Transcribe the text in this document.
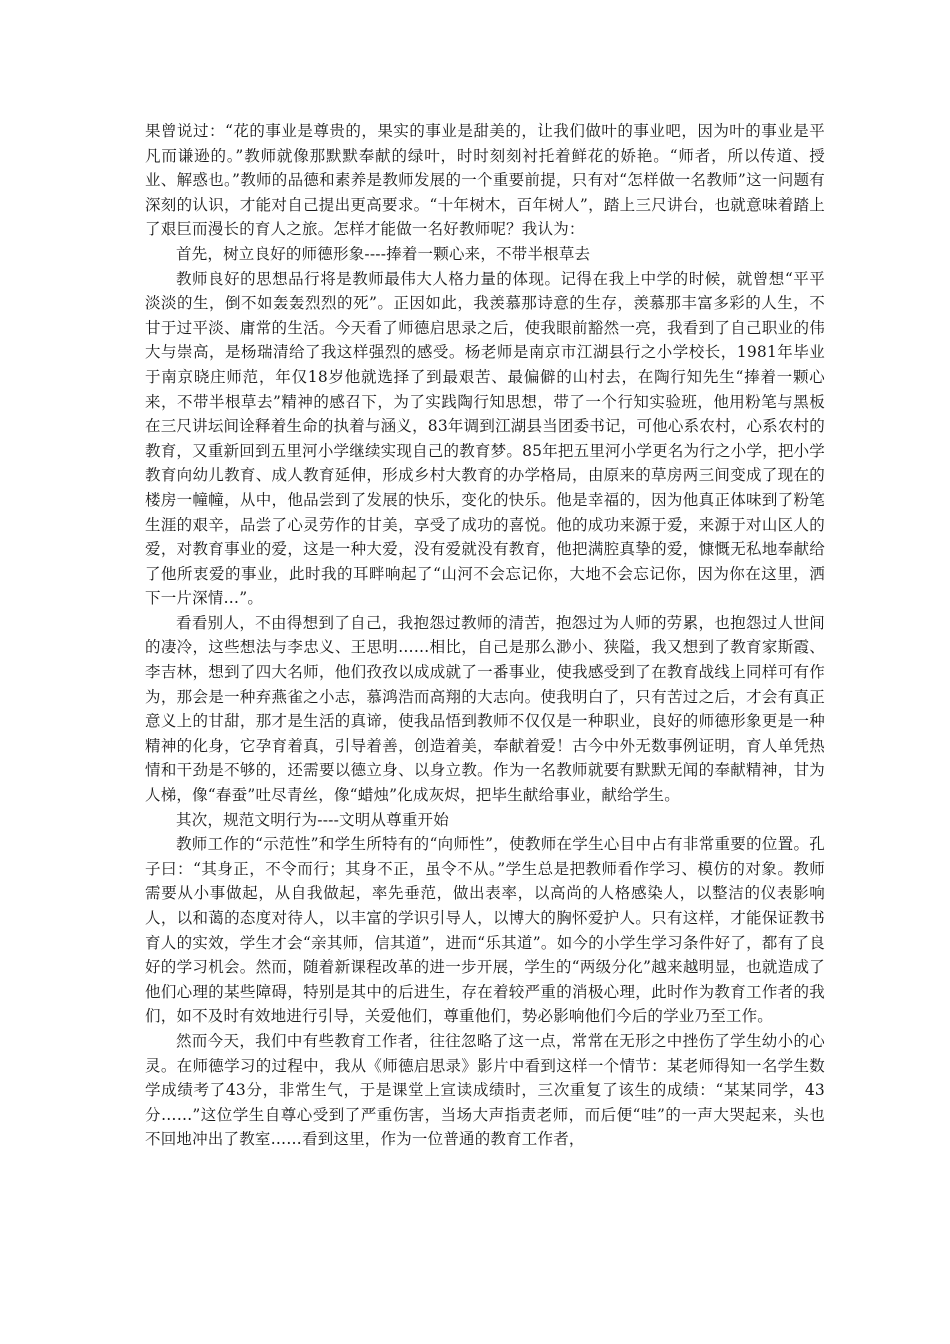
果曾说过：“花的事业是尊贵的，果实的事业是甜美的，让我们做叶的事业吧，因为叶的事业是平凡而谦逊的。”教师就像那默默奉献的绿叶，时时刻刻衬托着鲜花的娇艳。“师者，所以传道、授业、解惑也。”教师的品德和素养是教师发展的一个重要前提，只有对“怎样做一名教师”这一问题有深刻的认识，才能对自己提出更高要求。“十年树木，百年树人”，踏上三尺讲台，也就意味着踏上了艰巨而漫长的育人之旅。怎样才能做一名好教师呢？我认为：

首先，树立良好的师德形象----捧着一颗心来，不带半根草去

教师良好的思想品行将是教师最伟大人格力量的体现。记得在我上中学的时候，就曾想“平平淡淡的生，倒不如轰轰烈烈的死”。正因如此，我羡慕那诗意的生存，羡慕那丰富多彩的人生，不甘于过平淡、庸常的生活。今天看了师德启思录之后，使我眼前豁然一亮，我看到了自己职业的伟大与崇高，是杨瑞清给了我这样强烈的感受。杨老师是南京市江湖县行之小学校长，1981年毕业于南京晓庄师范，年仅18岁他就选择了到最艰苦、最偏僻的山村去，在陶行知先生“捧着一颗心来，不带半根草去”精神的感召下，为了实践陶行知思想，带了一个行知实验班，他用粉笔与黑板在三尺讲坛间诠释着生命的执着与涵义，83年调到江湖县当团委书记，可他心系农村，心系农村的教育，又重新回到五里河小学继续实现自己的教育梦。85年把五里河小学更名为行之小学，把小学教育向幼儿教育、成人教育延伸，形成乡村大教育的办学格局，由原来的草房两三间变成了现在的楼房一幢幢，从中，他品尝到了发展的快乐，变化的快乐。他是幸福的，因为他真正体味到了粉笔生涯的艰辛，品尝了心灵劳作的甘美，享受了成功的喜悦。他的成功来源于爱，来源于对山区人的爱，对教育事业的爱，这是一种大爱，没有爱就没有教育，他把满腔真挚的爱，慷慨无私地奉献给了他所衷爱的事业，此时我的耳畔响起了“山河不会忘记你，大地不会忘记你，因为你在这里，洒下一片深情…”。

看看别人，不由得想到了自己，我抱怨过教师的清苦，抱怨过为人师的劳累，也抱怨过人世间的凄冷，这些想法与李忠义、王思明……相比，自己是那么渺小、狭隘，我又想到了教育家斯霞、李吉林，想到了四大名师，他们孜孜以成成就了一番事业，使我感受到了在教育战线上同样可有作为，那会是一种弃燕雀之小志，慕鸿浩而高翔的大志向。使我明白了，只有苦过之后，才会有真正意义上的甘甜，那才是生活的真谛，使我品悟到教师不仅仅是一种职业，良好的师德形象更是一种精神的化身，它孕育着真，引导着善，创造着美，奉献着爱！古今中外无数事例证明，育人单凭热情和干劲是不够的，还需要以德立身、以身立教。作为一名教师就要有默默无闻的奉献精神，甘为人梯，像“春蚕”吐尽青丝，像“蜡烛”化成灰烬，把毕生献给事业，献给学生。

其次，规范文明行为----文明从尊重开始

教师工作的“示范性”和学生所特有的“向师性”，使教师在学生心目中占有非常重要的位置。孔子曰：“其身正，不令而行；其身不正，虽令不从。”学生总是把教师看作学习、模仿的对象。教师需要从小事做起，从自我做起，率先垂范，做出表率，以高尚的人格感染人，以整洁的仪表影响人，以和蔼的态度对待人，以丰富的学识引导人，以博大的胸怀爱护人。只有这样，才能保证教书育人的实效，学生才会“亲其师，信其道”，进而“乐其道”。如今的小学生学习条件好了，都有了良好的学习机会。然而，随着新课程改革的进一步开展，学生的“两级分化”越来越明显，也就造成了他们心理的某些障碍，特别是其中的后进生，存在着较严重的消极心理，此时作为教育工作者的我们，如不及时有效地进行引导，关爱他们，尊重他们，势必影响他们今后的学业乃至工作。

然而今天，我们中有些教育工作者，往往忽略了这一点，常常在无形之中挫伤了学生幼小的心灵。在师德学习的过程中，我从《师德启思录》影片中看到这样一个情节：某老师得知一名学生数学成绩考了43分，非常生气，于是课堂上宣读成绩时，三次重复了该生的成绩：“某某同学，43分……”这位学生自尊心受到了严重伤害，当场大声指责老师，而后便“哇”的一声大哭起来，头也不回地冲出了教室……看到这里，作为一位普通的教育工作者，
